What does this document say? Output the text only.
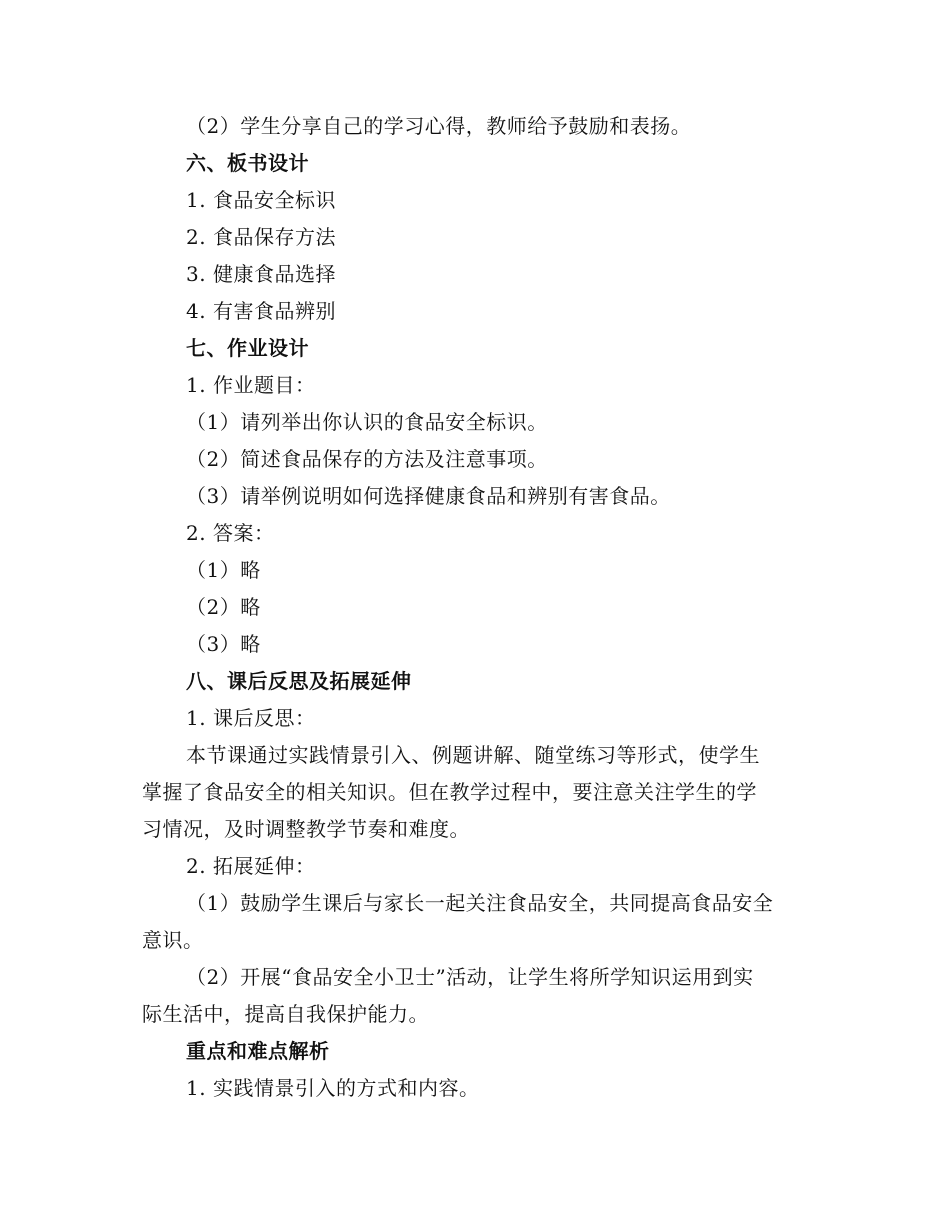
（2）学生分享自己的学习心得，教师给予鼓励和表扬。
六、板书设计
1. 食品安全标识
2. 食品保存方法
3. 健康食品选择
4. 有害食品辨别
七、作业设计
1. 作业题目：
（1）请列举出你认识的食品安全标识。
（2）简述食品保存的方法及注意事项。
（3）请举例说明如何选择健康食品和辨别有害食品。
2. 答案：
（1）略
（2）略
（3）略
八、课后反思及拓展延伸
1. 课后反思：
本节课通过实践情景引入、例题讲解、随堂练习等形式，使学生
掌握了食品安全的相关知识。但在教学过程中，要注意关注学生的学
习情况，及时调整教学节奏和难度。
2. 拓展延伸：
（1）鼓励学生课后与家长一起关注食品安全，共同提高食品安全
意识。
（2）开展“食品安全小卫士”活动，让学生将所学知识运用到实
际生活中，提高自我保护能力。
重点和难点解析
1. 实践情景引入的方式和内容。
